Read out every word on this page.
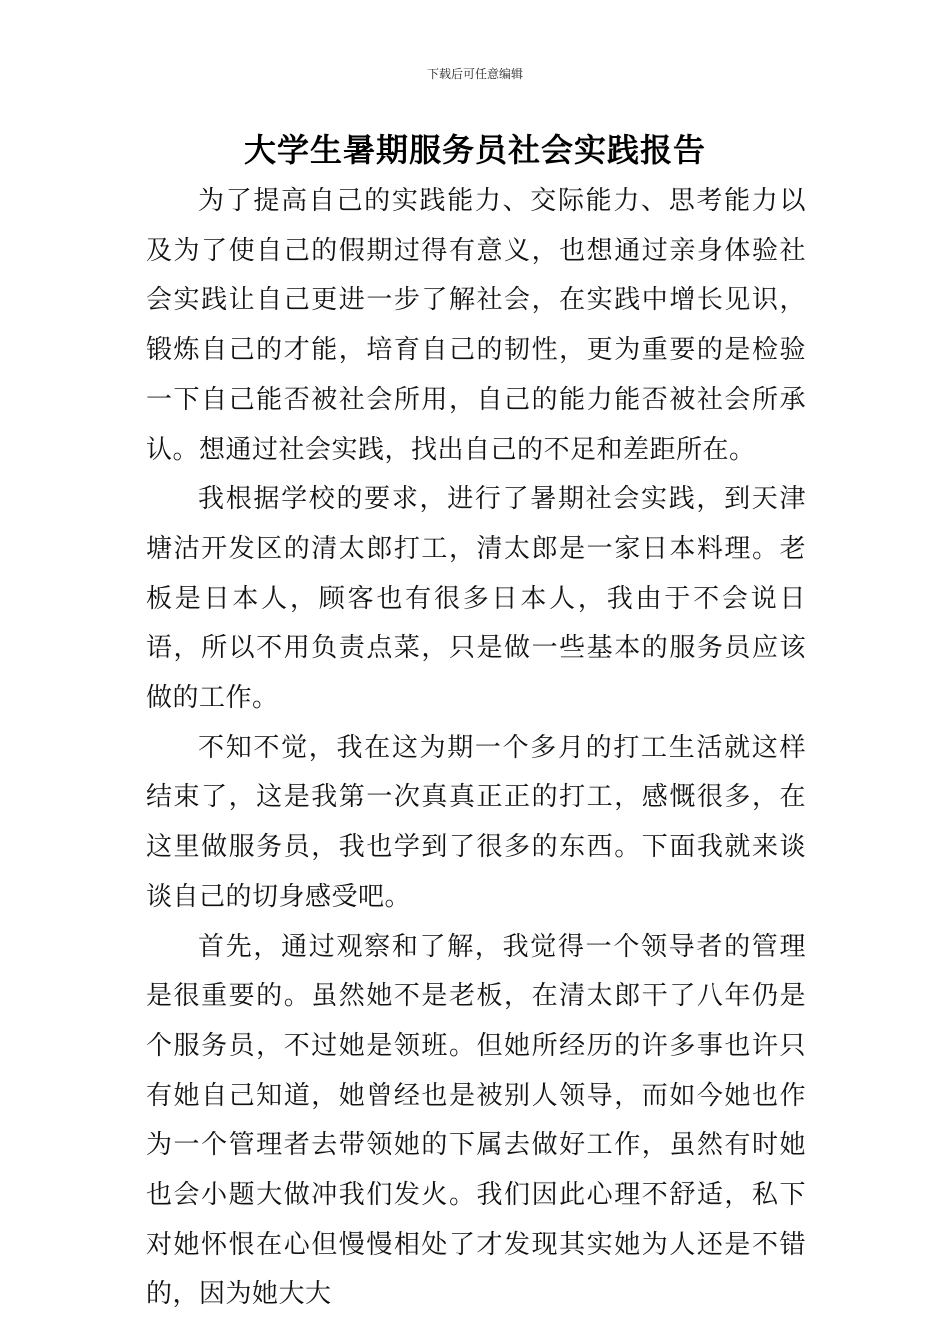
下载后可任意编辑
大学生暑期服务员社会实践报告

为了提高自己的实践能力、交际能力、思考能力以及为了使自己的假期过得有意义，也想通过亲身体验社会实践让自己更进一步了解社会，在实践中增长见识，锻炼自己的才能，培育自己的韧性，更为重要的是检验一下自己能否被社会所用，自己的能力能否被社会所承认。想通过社会实践，找出自己的不足和差距所在。

我根据学校的要求，进行了暑期社会实践，到天津塘沽开发区的清太郎打工，清太郎是一家日本料理。老板是日本人，顾客也有很多日本人，我由于不会说日语，所以不用负责点菜，只是做一些基本的服务员应该做的工作。

不知不觉，我在这为期一个多月的打工生活就这样结束了，这是我第一次真真正正的打工，感慨很多，在这里做服务员，我也学到了很多的东西。下面我就来谈谈自己的切身感受吧。

首先，通过观察和了解，我觉得一个领导者的管理是很重要的。虽然她不是老板，在清太郎干了八年仍是个服务员，不过她是领班。但她所经历的许多事也许只有她自己知道，她曾经也是被别人领导，而如今她也作为一个管理者去带领她的下属去做好工作，虽然有时她也会小题大做冲我们发火。我们因此心理不舒适，私下对她怀恨在心但慢慢相处了才发现其实她为人还是不错的，因为她大大
